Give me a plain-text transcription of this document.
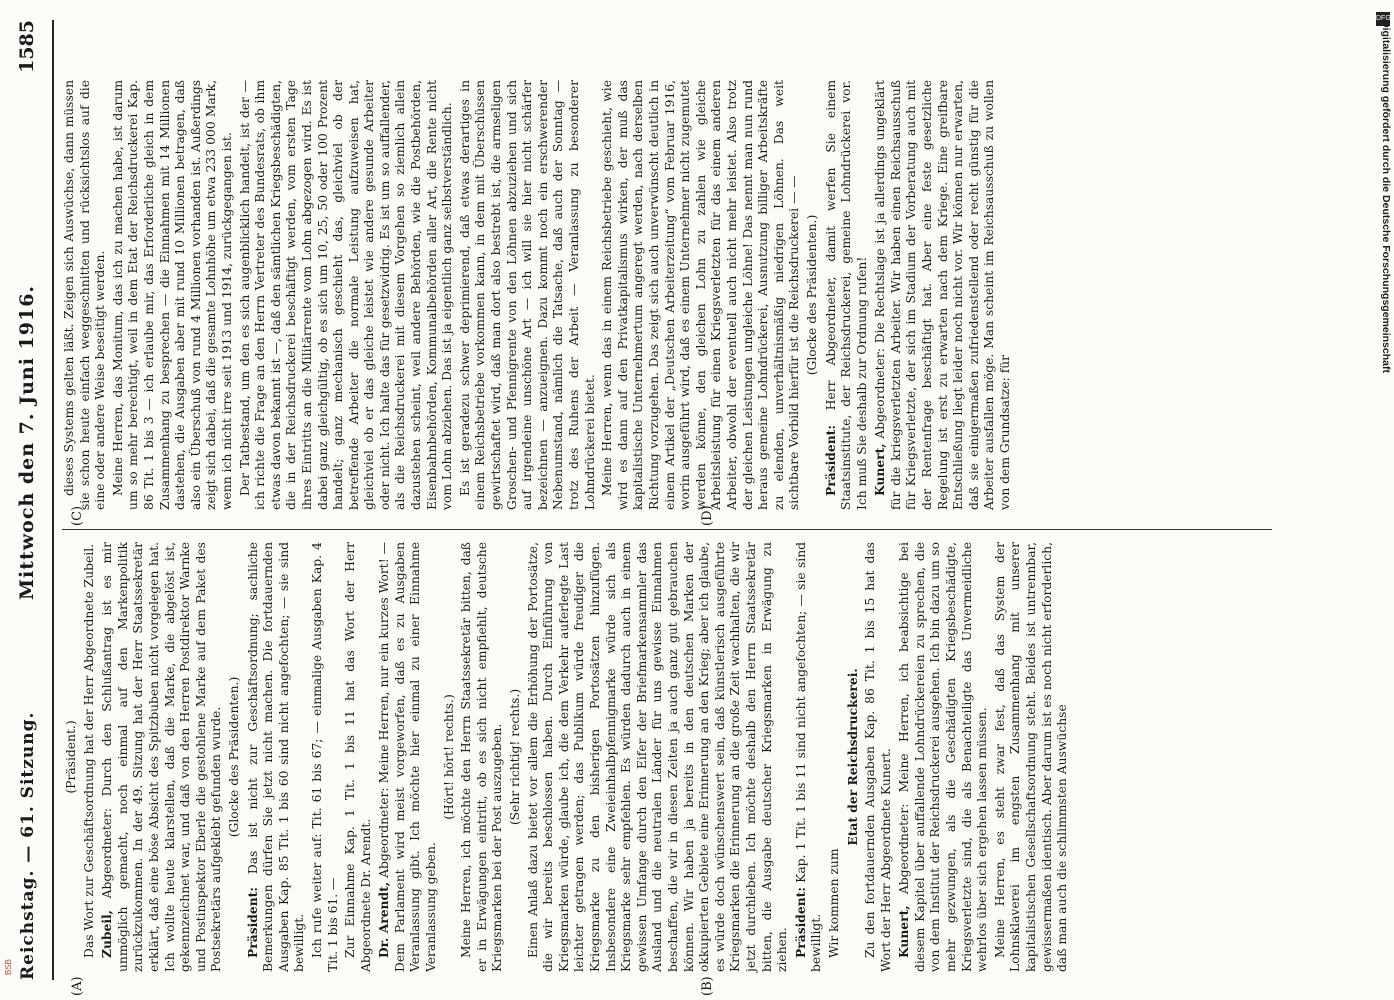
Reichstag. — 61. Sitzung.
Mittwoch den 7. Juni 1916.
1585
(A)	(B)
(C)	(D)

(Präsident.) Das Wort zur Geschäftsordnung hat der Herr Abgeordnete Zubeil. Zubeil, Abgeordneter: Durch den Schlußantrag ist es mir unmöglich gemacht, noch einmal auf den Markenpolitik zurückzukommen. In der 49. Sitzung hat der Herr Staatssekretär erklärt, daß eine böse Absicht des Spitzbuben nicht vorgelegen hat. Ich wollte heute klarstellen, daß die Marke, die abgelöst ist, gekennzeichnet war, und daß von den Herren Postdirektor Warnke und Postinspektor Eberle die gestohlene Marke auf dem Paket des Postsekretärs aufgeklebt gefunden wurde. (Glocke des Präsidenten.)

Präsident: Das ist nicht zur Geschäftsordnung; sachliche Bemerkungen dürfen Sie jetzt nicht machen. Die fortdauernden Ausgaben Kap. 85 Tit. 1 bis 60 sind nicht angefochten; — sie sind bewilligt. Ich rufe weiter auf: Tit. 61 bis 67; — einmalige Ausgaben Kap. 4 Tit. 1 bis 61. — Zur Einnahme Kap. 1 Tit. 1 bis 11 hat das Wort der Herr Abgeordnete Dr. Arendt. Dr. Arendt, Abgeordneter: Meine Herren, nur ein kurzes Wort! — Dem Parlament wird meist vorgeworfen, daß es zu Ausgaben Veranlassung gibt. Ich möchte hier einmal zu einer Einnahme Veranlassung geben.

(Hört! hört! rechts.) Meine Herren, ich möchte den Herrn Staatssekretär bitten, daß er in Erwägungen eintritt, ob es sich nicht empfiehlt, deutsche Kriegsmarken bei der Post auszugeben. (Sehr richtig! rechts.) Einen Anlaß dazu bietet vor allem die Erhöhung der Portosätze, die wir bereits beschlossen haben. Durch Einführung von Kriegsmarken würde, glaube ich, die dem Verkehr auferlegte Last leichter getragen werden; das Publikum würde freudiger die Kriegsmarke zu den bisherigen Portosätzen hinzufügen. Insbesondere eine Zweieinhalbpfennigmarke würde sich als Kriegsmarke sehr empfehlen. Es würden dadurch auch in einem gewissen Umfange durch den Eifer der Briefmarkensammler das Ausland und die neutralen Länder für uns gewisse Einnahmen beschaffen, die wir in diesen Zeiten ja auch ganz gut gebrauchen können. Wir haben ja bereits in den deutschen Marken der okkupierten Gebiete eine Erinnerung an den Krieg; aber ich glaube, es würde doch wünschenswert sein, daß künstlerisch ausgeführte Kriegsmarken die Erinnerung an die große Zeit wachhalten, die wir jetzt durchleben. Ich möchte deshalb den Herrn Staatssekretär bitten, die Ausgabe deutscher Kriegsmarken in Erwägung zu ziehen. Präsident: Kap. 1 Tit. 1 bis 11 sind nicht angefochten; — sie sind bewilligt. Wir kommen zum

Etat der Reichsdruckerei. Zu den fortdauernden Ausgaben Kap. 86 Tit. 1 bis 15 hat das Wort der Herr Abgeordnete Kunert. Kunert, Abgeordneter: Meine Herren, ich beabsichtige bei diesem Kapitel über auffallende Lohndrückereien zu sprechen, die von dem Institut der Reichsdruckerei ausgehen. Ich bin dazu um so mehr gezwungen, als die Geschädigten Kriegsbeschädigte, Kriegsverletzte sind, die als Benachteiligte das Unvermeidliche wehrlos über sich ergehen lassen müssen. Meine Herren, es steht zwar fest, daß das System der Lohnsklaverei im engsten Zusammenhang mit unserer kapitalistischen Gesellschaftsordnung steht. Beides ist untrennbar, gewissermaßen identisch. Aber darum ist es noch nicht erforderlich, daß man auch die schlimmsten Auswüchse

dieses Systems gelten läßt. Zeigen sich Auswüchse, dann müssen sie schon heute einfach weggeschnitten und rücksichtslos auf die eine oder andere Weise beseitigt werden. Meine Herren, das Monitum, das ich zu machen habe, ist darum um so mehr berechtigt, weil in dem Etat der Reichsdruckerei Kap. 86 Tit. 1 bis 3 — ich erlaube mir, das Erforderliche gleich in dem Zusammenhang zu besprechen — die Einnahmen mit 14 Millionen dastehen, die Ausgaben aber mit rund 10 Millionen betragen, daß also ein Überschuß von rund 4 Millionen vorhanden ist. Außerdings zeigt sich dabei, daß die gesamte Lohnhöhe um etwa 233 000 Mark, wenn ich nicht irre seit 1913 und 1914, zurückgegangen ist. Der Tatbestand, um den es sich augenblicklich handelt, ist der — ich richte die Frage an den Herrn Vertreter des Bundesrats, ob ihm etwas davon bekannt ist —, daß den sämtlichen Kriegsbeschädigten, die in der Reichsdruckerei beschäftigt werden, vom ersten Tage ihres Eintritts an die Militärrente vom Lohn abgezogen wird. Es ist dabei ganz gleichgültig, ob es sich um 10, 25, 50 oder 100 Prozent handelt; ganz mechanisch geschieht das, gleichviel ob der betreffende Arbeiter die normale Leistung aufzuweisen hat, gleichviel ob er das gleiche leistet wie andere gesunde Arbeiter oder nicht. Ich halte das für gesetzwidrig. Es ist um so auffallender, als die Reichsdruckerei mit diesem Vorgehen so ziemlich allein dazustehen scheint, weil andere Behörden, wie die Postbehörden, Eisenbahnbehörden, Kommunalbehörden aller Art, die Rente nicht vom Lohn abziehen. Das ist ja eigentlich ganz selbstverständlich. Es ist geradezu schwer deprimierend, daß etwas derartiges in einem Reichsbetriebe vorkommen kann, in dem mit Überschüssen gewirtschaftet wird, daß man dort also bestrebt ist, die armseligen Groschen- und Pfennigrente von den Löhnen abzuziehen und sich auf irgendeine unschöne Art — ich will sie hier nicht schärfer bezeichnen — anzueignen. Dazu kommt noch ein erschwerender Nebenumstand, nämlich die Tatsache, daß auch der Sonntag — trotz des Ruhens der Arbeit — Veranlassung zu besonderer Lohndrückerei bietet. Meine Herren, wenn das in einem Reichsbetriebe geschieht, wie wird es dann auf den Privatkapitalismus wirken, der muß das kapitalistische Unternehmertum angeregt werden, nach derselben Richtung vorzugehen. Das zeigt sich auch unverwünscht deutlich in einem Artikel der „Deutschen Arbeiterzeitung“ vom Februar 1916, worin ausgeführt wird, daß es einem Unternehmer nicht zugemutet werden könne, den gleichen Lohn zu zahlen wie gleiche Arbeitsleistung für einen Kriegsverletzten für das einem anderen Arbeiter, obwohl der eventuell auch nicht mehr leistet. Also trotz der gleichen Leistungen ungleiche Löhne! Das nennt man nun rund heraus gemeine Lohndrückerei, Ausnutzung billiger Arbeitskräfte zu elenden, unverhältnismäßig niedrigen Löhnen. Das weit sichtbare Vorbild hierfür ist die Reichsdruckerei — — (Glocke des Präsidenten.)

Präsident: Herr Abgeordneter, damit werfen Sie einem Staatsinstitute, der Reichsdruckerei, gemeine Lohndrückerei vor. Ich muß Sie deshalb zur Ordnung rufen! Kunert, Abgeordneter: Die Rechtslage ist ja allerdings ungeklärt für die kriegsverletzten Arbeiter. Wir haben einen Reichsausschuß für Kriegsverletzte, der sich im Stadium der Vorberatung auch mit der Rentenfrage beschäftigt hat. Aber eine feste gesetzliche Regelung ist erst zu erwarten nach dem Kriege. Eine greifbare Entschließung liegt leider noch nicht vor. Wir können nur erwarten, daß sie einigermaßen zufriedenstellend oder recht günstig für die Arbeiter ausfallen möge. Man scheint im Reichsausschuß zu wollen von dem Grundsatze: für

DFG
Digitalisierung gefördert durch die Deutsche Forschungsgemeinschaft
BSB
